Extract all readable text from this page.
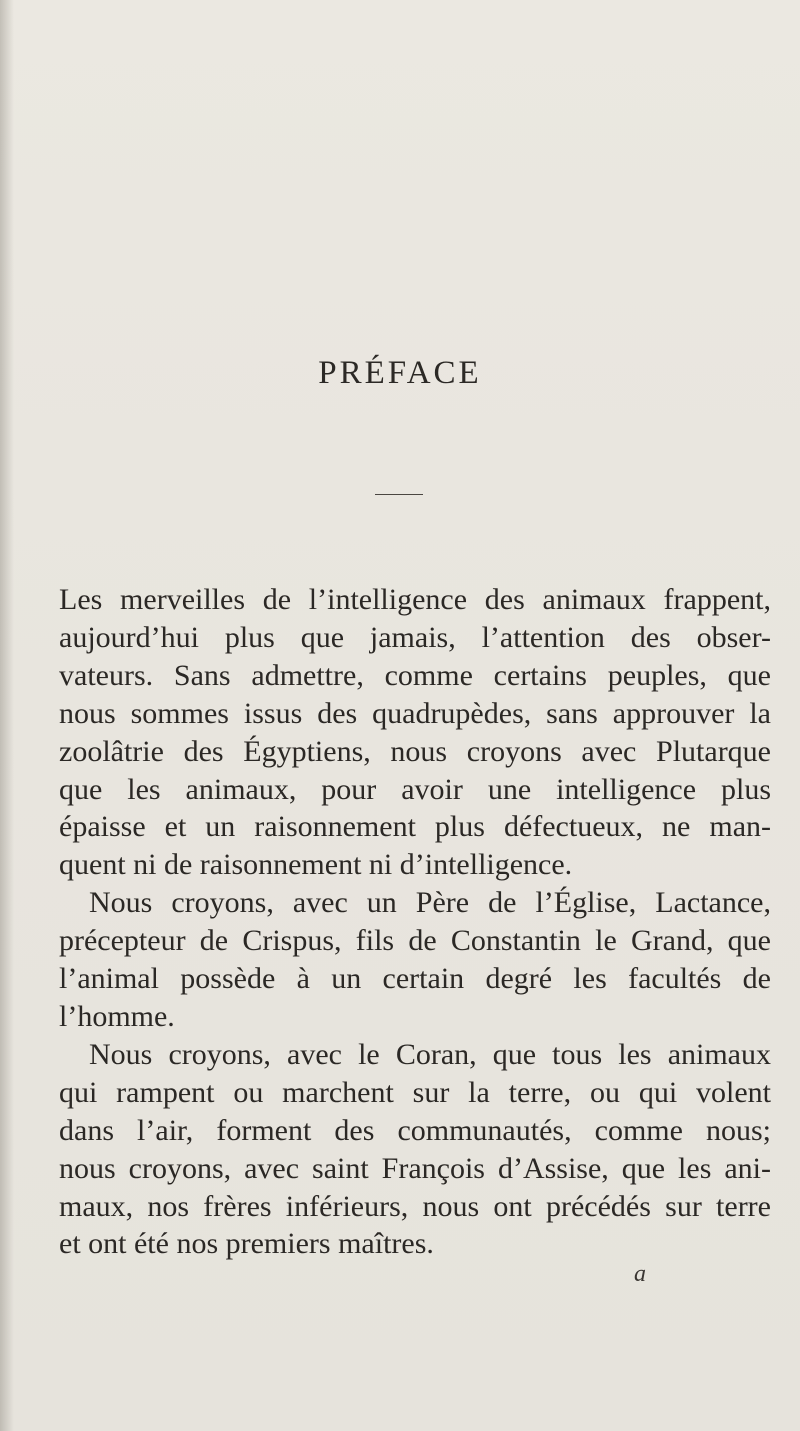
PRÉFACE
Les merveilles de l’intelligence des animaux frappent,
aujourd’hui plus que jamais, l’attention des obser-
vateurs. Sans admettre, comme certains peuples, que
nous sommes issus des quadrupèdes, sans approuver la
zoolâtrie des Égyptiens, nous croyons avec Plutarque
que les animaux, pour avoir une intelligence plus
épaisse et un raisonnement plus défectueux, ne man-
quent ni de raisonnement ni d’intelligence.
Nous croyons, avec un Père de l’Église, Lactance,
précepteur de Crispus, fils de Constantin le Grand, que
l’animal possède à un certain degré les facultés de
l’homme.
Nous croyons, avec le Coran, que tous les animaux
qui rampent ou marchent sur la terre, ou qui volent
dans l’air, forment des communautés, comme nous;
nous croyons, avec saint François d’Assise, que les ani-
maux, nos frères inférieurs, nous ont précédés sur terre
et ont été nos premiers maîtres.
a
